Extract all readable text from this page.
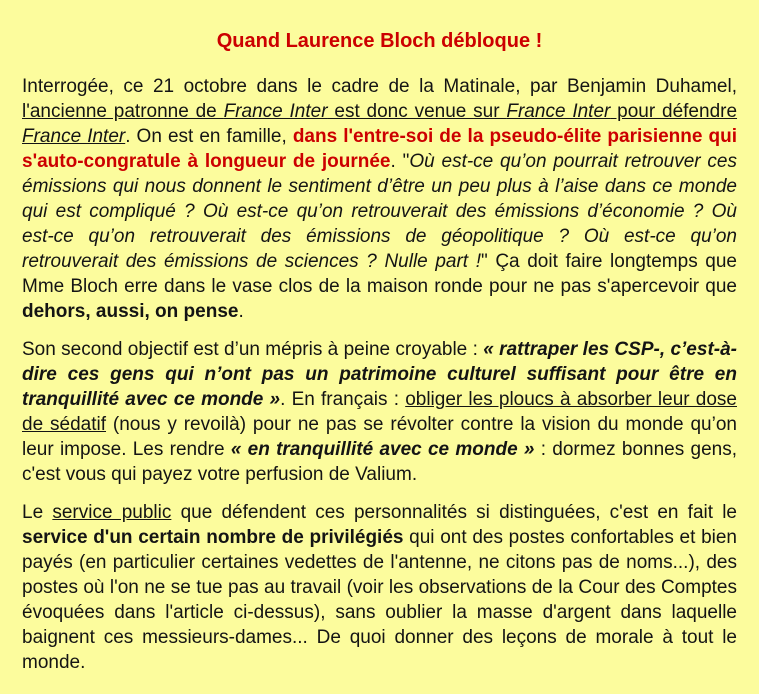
Quand Laurence Bloch débloque !

Interrogée, ce 21 octobre dans le cadre de la Matinale, par Benjamin Duhamel, l'ancienne patronne de France Inter est donc venue sur France Inter pour défendre France Inter. On est en famille, dans l'entre-soi de la pseudo-élite parisienne qui s'auto-congratule à longueur de journée. "Où est-ce qu’on pourrait retrouver ces émissions qui nous donnent le sentiment d’être un peu plus à l’aise dans ce monde qui est compliqué ? Où est-ce qu’on retrouverait des émissions d’économie ? Où est-ce qu’on retrouverait des émissions de géopolitique ? Où est-ce qu’on retrouverait des émissions de sciences ? Nulle part !" Ça doit faire longtemps que Mme Bloch erre dans le vase clos de la maison ronde pour ne pas s'apercevoir que dehors, aussi, on pense.

Son second objectif est d’un mépris à peine croyable : « rattraper les CSP-, c’est-à-dire ces gens qui n’ont pas un patrimoine culturel suffisant pour être en tranquillité avec ce monde ». En français : obliger les ploucs à absorber leur dose de sédatif (nous y revoilà) pour ne pas se révolter contre la vision du monde qu’on leur impose. Les rendre « en tranquillité avec ce monde » : dormez bonnes gens, c'est vous qui payez votre perfusion de Valium.

Le service public que défendent ces personnalités si distinguées, c'est en fait le service d'un certain nombre de privilégiés qui ont des postes confortables et bien payés (en particulier certaines vedettes de l'antenne, ne citons pas de noms...), des postes où l'on ne se tue pas au travail (voir les observations de la Cour des Comptes évoquées dans l'article ci-dessus), sans oublier la masse d'argent dans laquelle baignent ces messieurs-dames... De quoi donner des leçons de morale à tout le monde.
